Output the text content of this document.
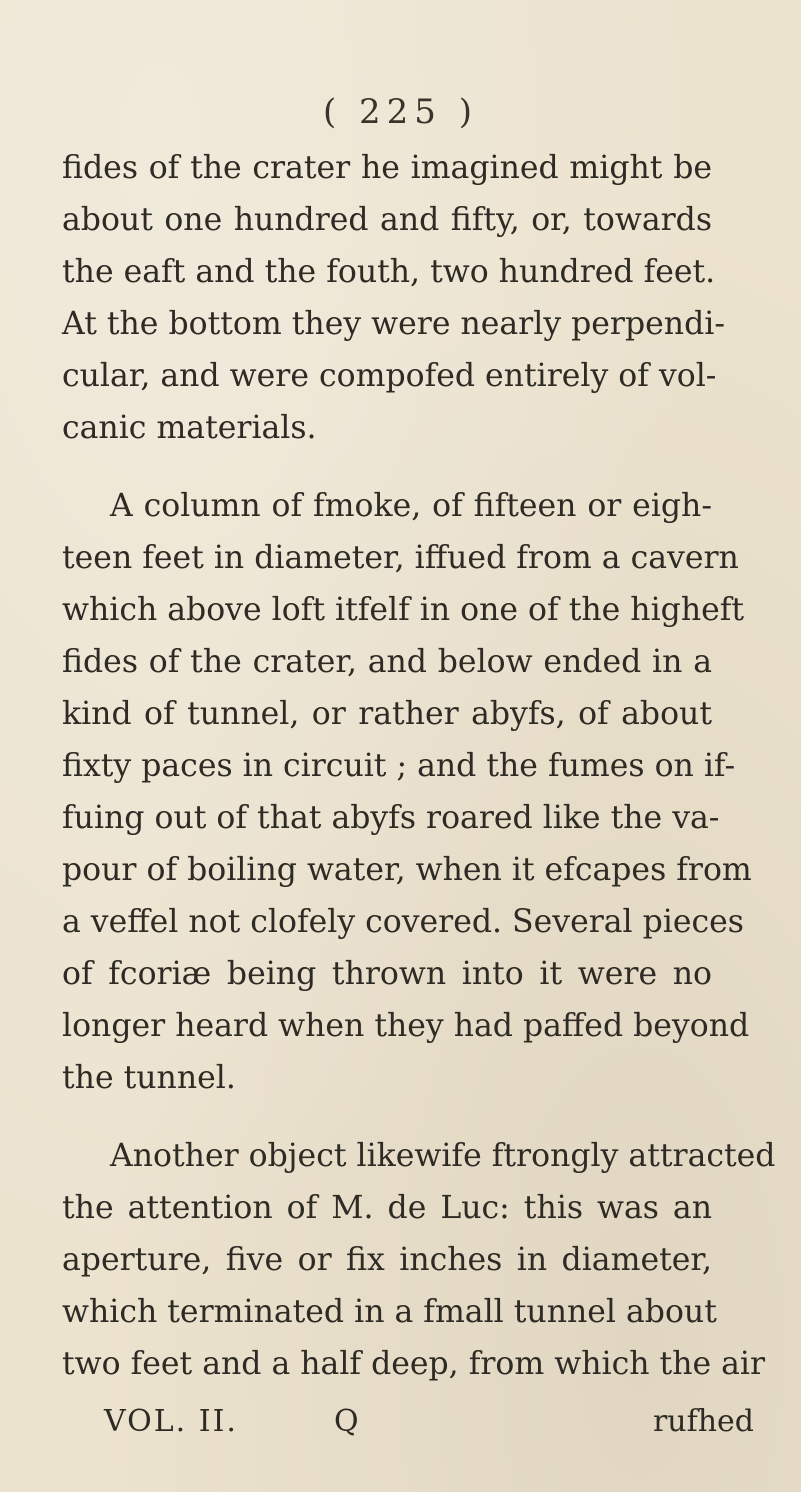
( 225 )
fides of the crater he imagined might be
about one hundred and fifty, or, towards
the eaft and the fouth, two hundred feet.
At the bottom they were nearly perpendi-
cular, and were compofed entirely of vol-
canic materials.
A column of fmoke, of fifteen or eigh-
teen feet in diameter, iffued from a cavern
which above loft itfelf in one of the higheft
fides of the crater, and below ended in a
kind of tunnel, or rather abyfs, of about
fixty paces in circuit ; and the fumes on if-
fuing out of that abyfs roared like the va-
pour of boiling water, when it efcapes from
a veffel not clofely covered. Several pieces
of fcoriæ being thrown into it were no
longer heard when they had paffed beyond
the tunnel.
Another object likewife ftrongly attracted
the attention of M. de Luc: this was an
aperture, five or fix inches in diameter,
which terminated in a fmall tunnel about
two feet and a half deep, from which the air
VOL. II.	Q	rufhed
